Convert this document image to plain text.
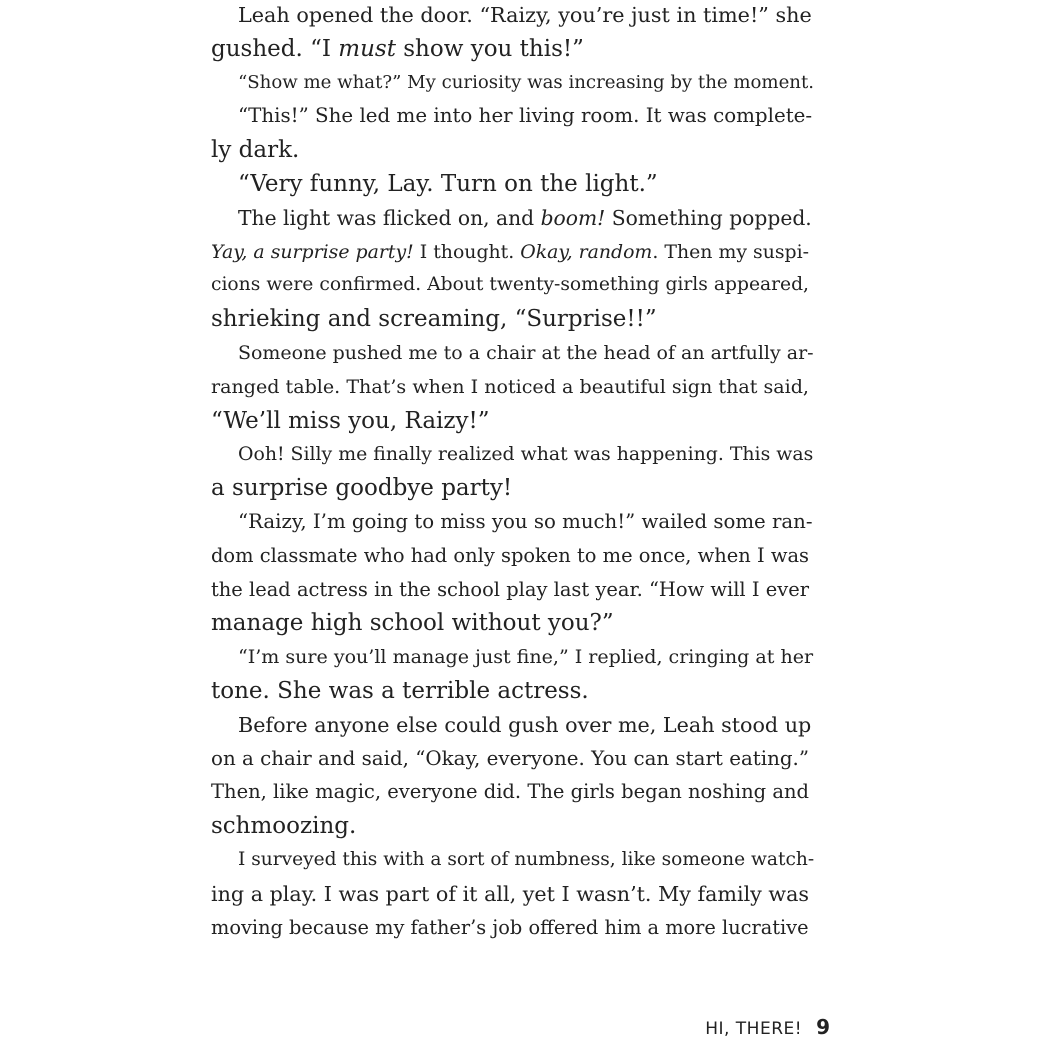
Leah opened the door. “Raizy, you’re just in time!” she
gushed. “I must show you this!”
“Show me what?” My curiosity was increasing by the moment.
“This!” She led me into her living room. It was complete-
ly dark.
“Very funny, Lay. Turn on the light.”
The light was flicked on, and boom! Something popped.
Yay, a surprise party! I thought. Okay, random. Then my suspi-
cions were confirmed. About twenty-something girls appeared,
shrieking and screaming, “Surprise!!”
Someone pushed me to a chair at the head of an artfully ar-
ranged table. That’s when I noticed a beautiful sign that said,
“We’ll miss you, Raizy!”
Ooh! Silly me finally realized what was happening. This was
a surprise goodbye party!
“Raizy, I’m going to miss you so much!” wailed some ran-
dom classmate who had only spoken to me once, when I was
the lead actress in the school play last year. “How will I ever
manage high school without you?”
“I’m sure you’ll manage just fine,” I replied, cringing at her
tone. She was a terrible actress.
Before anyone else could gush over me, Leah stood up
on a chair and said, “Okay, everyone. You can start eating.”
Then, like magic, everyone did. The girls began noshing and
schmoozing.
I surveyed this with a sort of numbness, like someone watch-
ing a play. I was part of it all, yet I wasn’t. My family was
moving because my father’s job offered him a more lucrative
HI, THERE! 9
